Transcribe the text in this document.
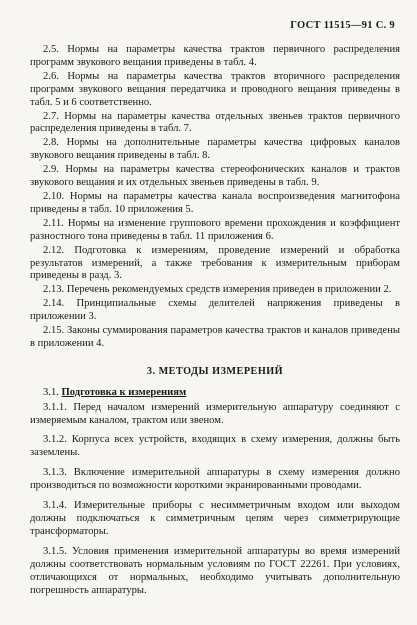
ГОСТ 11515—91 С. 9

2.5. Нормы на параметры качества трактов первичного распределения программ звукового вещания приведены в табл. 4.

2.6. Нормы на параметры качества трактов вторичного распределения программ звукового вещания передатчика и проводного вещания приведены в табл. 5 и 6 соответственно.

2.7. Нормы на параметры качества отдельных звеньев трактов первичного распределения приведены в табл. 7.

2.8. Нормы на дополнительные параметры качества цифровых каналов звукового вещания приведены в табл. 8.

2.9. Нормы на параметры качества стереофонических каналов и трактов звукового вещания и их отдельных звеньев приведены в табл. 9.

2.10. Нормы на параметры качества канала воспроизведения магнитофона приведены в табл. 10 приложения 5.

2.11. Нормы на изменение группового времени прохождения и коэффициент разностного тона приведены в табл. 11 приложения 6.

2.12. Подготовка к измерениям, проведение измерений и обработка результатов измерений, а также требования к измерительным приборам приведены в разд. 3.

2.13. Перечень рекомендуемых средств измерения приведен в приложении 2.

2.14. Принципиальные схемы делителей напряжения приведены в приложении 3.

2.15. Законы суммирования параметров качества трактов и каналов приведены в приложении 4.

3. МЕТОДЫ ИЗМЕРЕНИЙ

3.1. Подготовка к измерениям

3.1.1. Перед началом измерений измерительную аппаратуру соединяют с измеряемым каналом, трактом или звеном.

3.1.2. Корпуса всех устройств, входящих в схему измерения, должны быть заземлены.

3.1.3. Включение измерительной аппаратуры в схему измерения должно производиться по возможности короткими экранированными проводами.

3.1.4. Измерительные приборы с несимметричным входом или выходом должны подключаться к симметричным цепям через симметрирующие трансформаторы.

3.1.5. Условия применения измерительной аппаратуры во время измерений должны соответствовать нормальным условиям по ГОСТ 22261. При условиях, отличающихся от нормальных, необходимо учитывать дополнительную погрешность аппаратуры.
